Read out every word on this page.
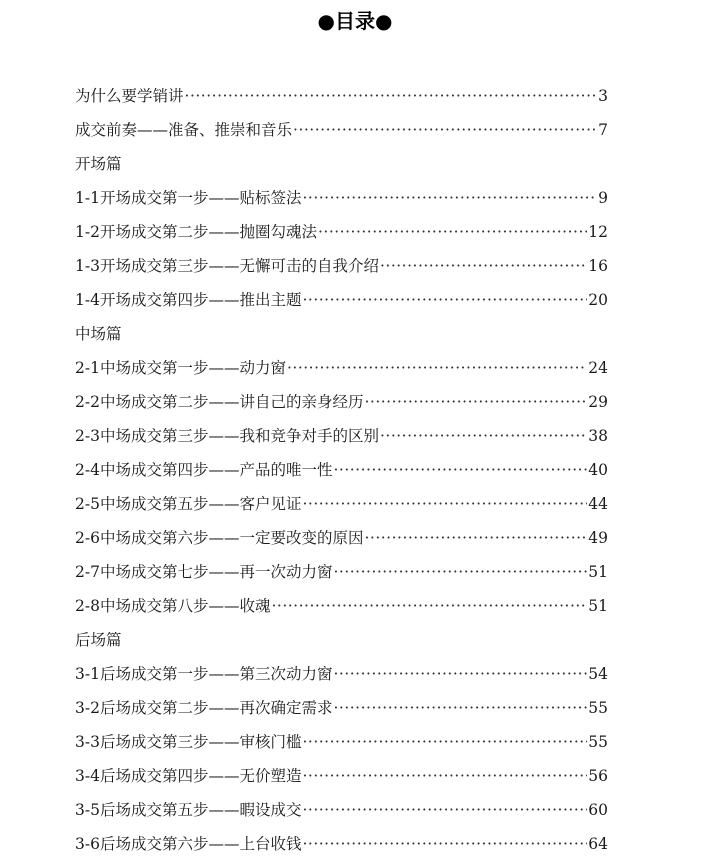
●目录●
为什么要学销讲 ·····	3
成交前奏——准备、推崇和音乐 ·····	7
开场篇
1-1开场成交第一步——贴标签法 ·····	9
1-2开场成交第二步——抛圈勾魂法 ·····	12
1-3开场成交第三步——无懈可击的自我介绍 ·····	16
1-4开场成交第四步——推出主题 ·····	20
中场篇
2-1中场成交第一步——动力窗 ·····	24
2-2中场成交第二步——讲自己的亲身经历 ·····	29
2-3中场成交第三步——我和竞争对手的区别 ·····	38
2-4中场成交第四步——产品的唯一性 ·····	40
2-5中场成交第五步——客户见证 ·····	44
2-6中场成交第六步——一定要改变的原因 ·····	49
2-7中场成交第七步——再一次动力窗 ·····	51
2-8中场成交第八步——收魂 ·····	51
后场篇
3-1后场成交第一步——第三次动力窗 ·····	54
3-2后场成交第二步——再次确定需求 ·····	55
3-3后场成交第三步——审核门槛 ·····	55
3-4后场成交第四步——无价塑造 ·····	56
3-5后场成交第五步——暇设成交 ·····	60
3-6后场成交第六步——上台收钱 ·····	64
